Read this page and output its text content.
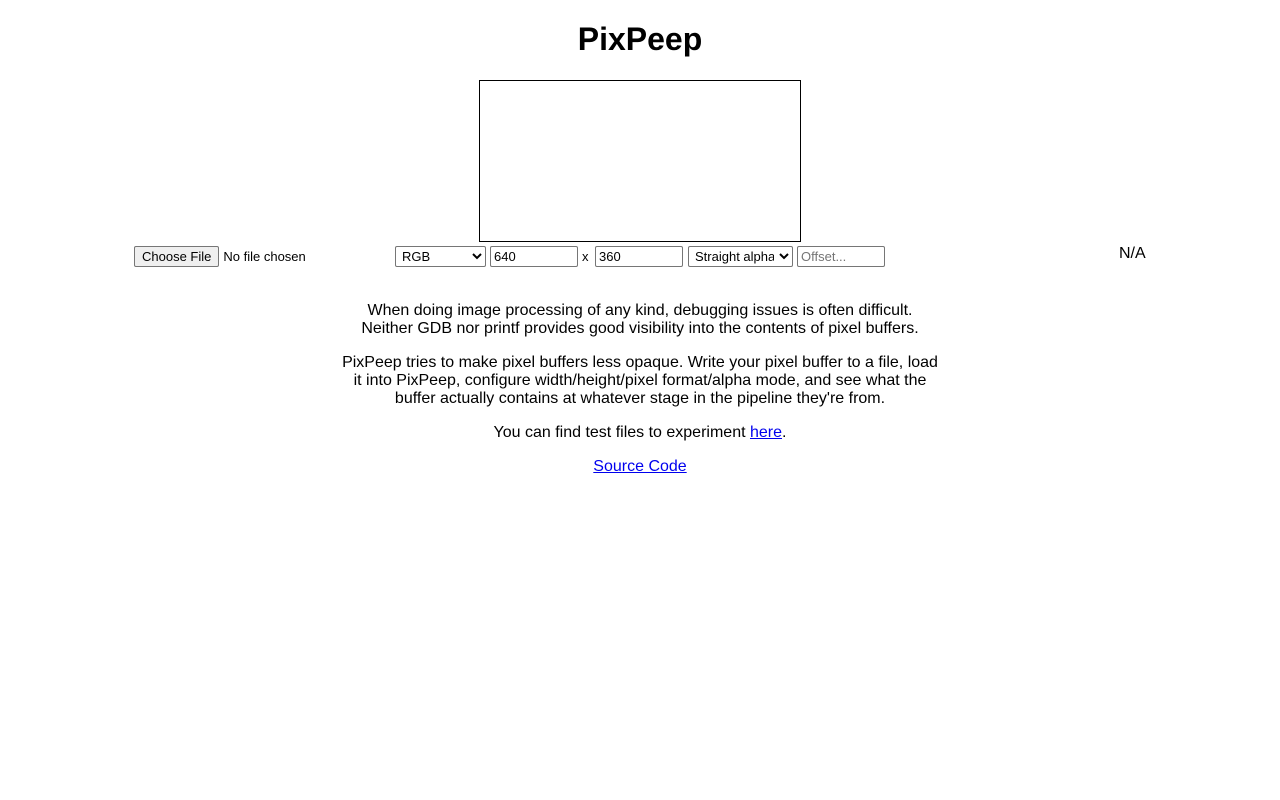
PixPeep
Choose File No file chosen
RGB
640	x
360
Straight alpha
Offset...	N/A

When doing image processing of any kind, debugging issues is often difficult.
Neither GDB nor printf provides good visibility into the contents of pixel buffers.

PixPeep tries to make pixel buffers less opaque. Write your pixel buffer to a file, load it into PixPeep, configure width/height/pixel format/alpha mode, and see what the buffer actually contains at whatever stage in the pipeline they're from.

You can find test files to experiment here.

Source Code
